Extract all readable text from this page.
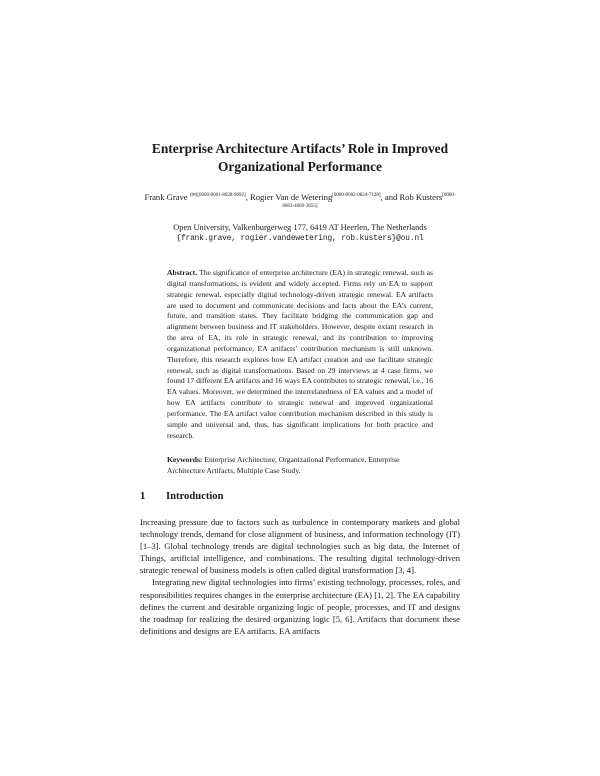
Enterprise Architecture Artifacts’ Role in Improved Organizational Performance
Frank Grave $^{(✉)[0000-0001-8028-9692]}$, Rogier Van de Wetering[0000-0002-0824-7128], and Rob Kusters[0000-0003-4069-3655]
Open University, Valkenburgerweg 177, 6419 AT Heerlen, The Netherlands
{frank.grave, rogier.vandewetering, rob.kusters}@ou.nl
Abstract. The significance of enterprise architecture (EA) in strategic renewal, such as digital transformations, is evident and widely accepted. Firms rely on EA to support strategic renewal, especially digital technology-driven strategic renewal. EA artifacts are used to document and communicate decisions and facts about the EA’s current, future, and transition states. They facilitate bridging the communication gap and alignment between business and IT stakeholders. However, despite extant research in the area of EA, its role in strategic renewal, and its contribution to improving organizational performance, EA artifacts’ contribution mechanism is still unknown. Therefore, this research explores how EA artifact creation and use facilitate strategic renewal, such as digital transformations. Based on 29 interviews at 4 case firms, we found 17 different EA artifacts and 16 ways EA contributes to strategic renewal, i.e., 16 EA values. Moreover, we determined the interrelatedness of EA values and a model of how EA artifacts contribute to strategic renewal and improved organizational performance. The EA artifact value contribution mechanism described in this study is simple and universal and, thus, has significant implications for both practice and research.
Keywords: Enterprise Architecture, Organizational Performance, Enterprise Architecture Artifacts, Multiple Case Study.
1 Introduction

Increasing pressure due to factors such as turbulence in contemporary markets and global technology trends, demand for close alignment of business, and information technology (IT) [1–3]. Global technology trends are digital technologies such as big data, the Internet of Things, artificial intelligence, and combinations. The resulting digital technology-driven strategic renewal of business models is often called digital transformation [3, 4].

Integrating new digital technologies into firms’ existing technology, processes, roles, and responsibilities requires changes in the enterprise architecture (EA) [1, 2]. The EA capability defines the current and desirable organizing logic of people, processes, and IT and designs the roadmap for realizing the desired organizing logic [5, 6]. Artifacts that document these definitions and designs are EA artifacts. EA artifacts
